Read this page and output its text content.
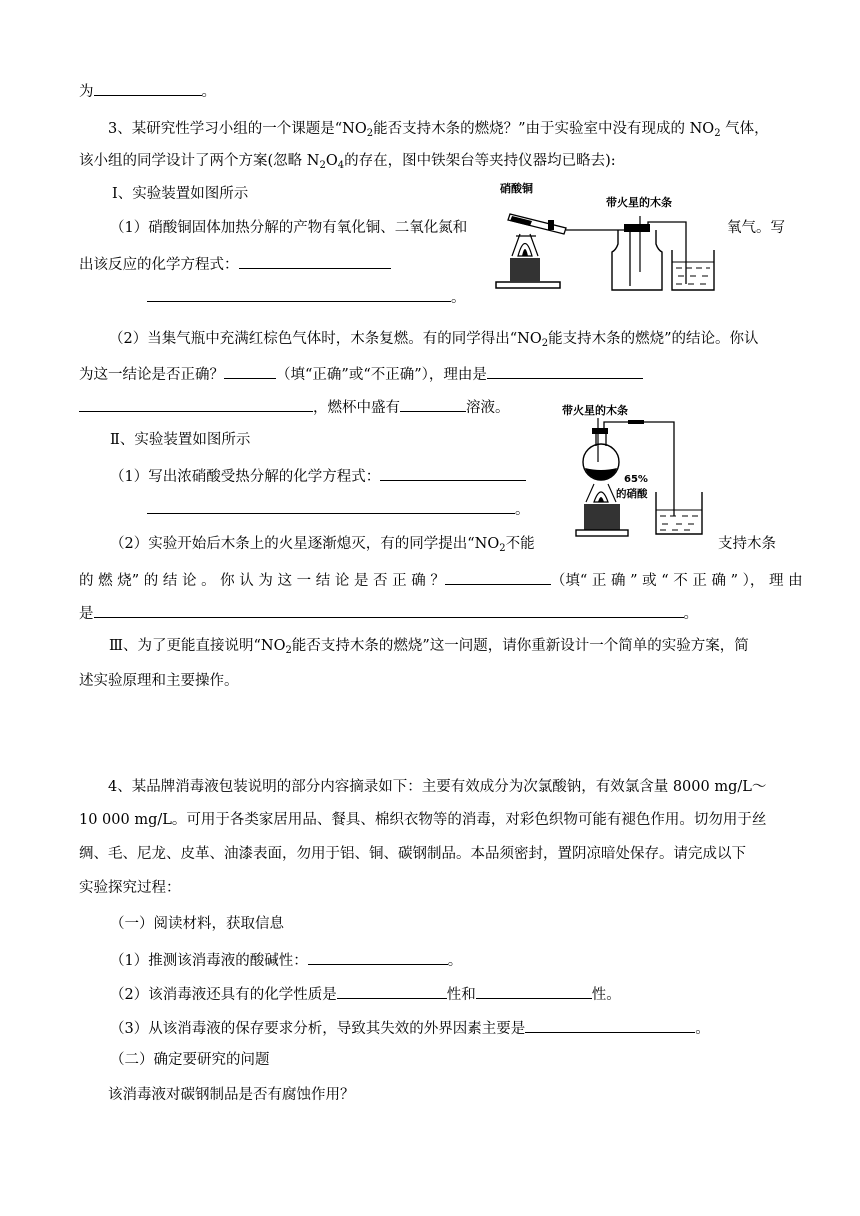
为	。
3、某研究性学习小组的一个课题是“$NO_2$能否支持木条的燃烧？”由于实验室中没有现成的 $NO_2$ 气体，
该小组的同学设计了两个方案(忽略 $N_2O_4$的存在，图中铁架台等夹持仪器均已略去):
Ⅰ、实验装置如图所示
（1）硝酸铜固体加热分解的产物有氧化铜、二氧化氮和	氧气。写
出该反应的化学方程式：
。
硝酸铜
带火星的木条
（2）当集气瓶中充满红棕色气体时，木条复燃。有的同学得出“$NO_2$能支持木条的燃烧”的结论。你认
为这一结论是否正确？	（填“正确”或“不正确”），理由是
，燃杯中盛有	溶液。
Ⅱ、实验装置如图所示
（1）写出浓硝酸受热分解的化学方程式：
。
带火星的木条
65%
的硝酸
（2）实验开始后木条上的火星逐渐熄灭，有的同学提出“$NO_2$不能	支持木条
的 燃 烧” 的 结 论 。 你 认 为 这 一 结 论 是 否 正 确 ？	（填“ 正 确 ” 或 “ 不 正 确 ” ）， 理 由
是	。
Ⅲ、为了更能直接说明“$NO_2$能否支持木条的燃烧”这一问题，请你重新设计一个简单的实验方案，简
述实验原理和主要操作。
4、某品牌消毒液包装说明的部分内容摘录如下：主要有效成分为次氯酸钠，有效氯含量 8000 mg/L～
10 000 mg/L。可用于各类家居用品、餐具、棉织衣物等的消毒，对彩色织物可能有褪色作用。切勿用于丝
绸、毛、尼龙、皮革、油漆表面，勿用于铝、铜、碳钢制品。本品须密封，置阴凉暗处保存。请完成以下
实验探究过程：
（一）阅读材料，获取信息
（1）推测该消毒液的酸碱性：	。
（2）该消毒液还具有的化学性质是	性和	性。
（3）从该消毒液的保存要求分析，导致其失效的外界因素主要是	。
（二）确定要研究的问题
该消毒液对碳钢制品是否有腐蚀作用？
